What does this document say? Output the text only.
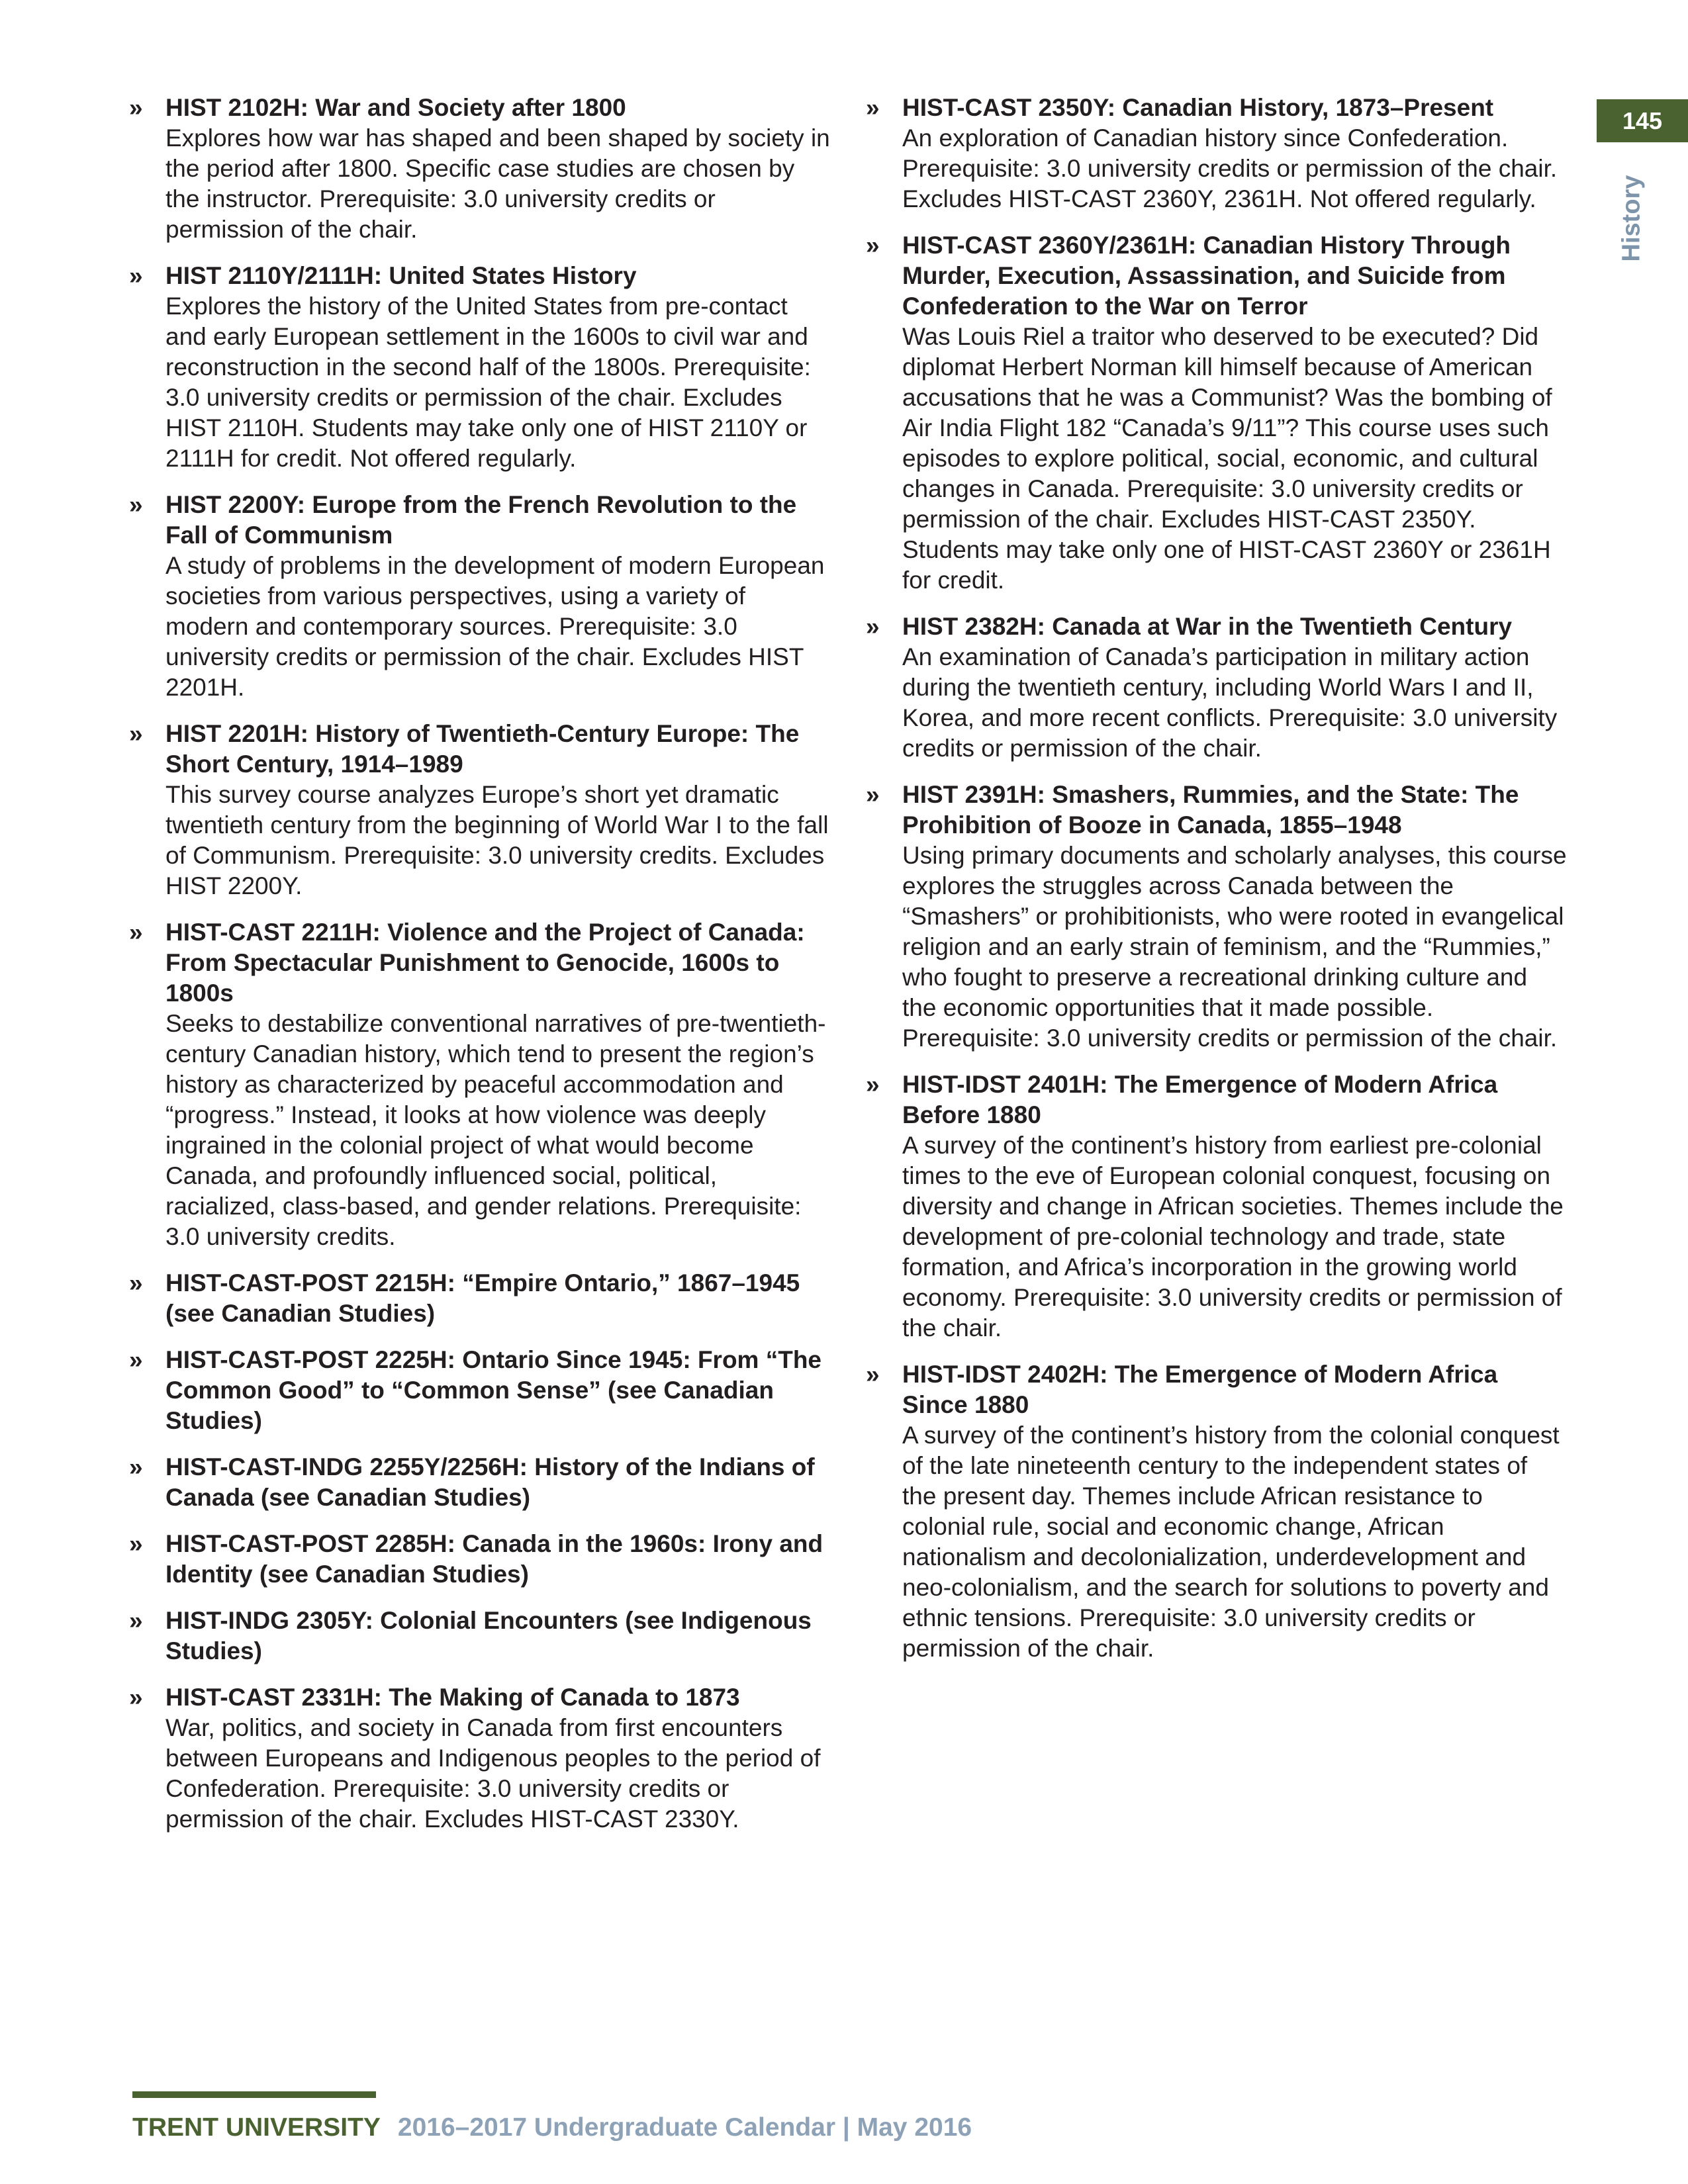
145
History
» HIST 2102H: War and Society after 1800
Explores how war has shaped and been shaped by society in the period after 1800. Specific case studies are chosen by the instructor. Prerequisite: 3.0 university credits or permission of the chair.
» HIST 2110Y/2111H: United States History
Explores the history of the United States from pre-contact and early European settlement in the 1600s to civil war and reconstruction in the second half of the 1800s. Prerequisite: 3.0 university credits or permission of the chair. Excludes HIST 2110H. Students may take only one of HIST 2110Y or 2111H for credit. Not offered regularly.
» HIST 2200Y: Europe from the French Revolution to the Fall of Communism
A study of problems in the development of modern European societies from various perspectives, using a variety of modern and contemporary sources. Prerequisite: 3.0 university credits or permission of the chair. Excludes HIST 2201H.
» HIST 2201H: History of Twentieth-Century Europe: The Short Century, 1914–1989
This survey course analyzes Europe’s short yet dramatic twentieth century from the beginning of World War I to the fall of Communism. Prerequisite: 3.0 university credits. Excludes HIST 2200Y.
» HIST-CAST 2211H: Violence and the Project of Canada: From Spectacular Punishment to Genocide, 1600s to 1800s
Seeks to destabilize conventional narratives of pre-twentieth-century Canadian history, which tend to present the region’s history as characterized by peaceful accommodation and “progress.” Instead, it looks at how violence was deeply ingrained in the colonial project of what would become Canada, and profoundly influenced social, political, racialized, class-based, and gender relations. Prerequisite: 3.0 university credits.
» HIST-CAST-POST 2215H: “Empire Ontario,” 1867–1945 (see Canadian Studies)
» HIST-CAST-POST 2225H: Ontario Since 1945: From “The Common Good” to “Common Sense” (see Canadian Studies)
» HIST-CAST-INDG 2255Y/2256H: History of the Indians of Canada (see Canadian Studies)
» HIST-CAST-POST 2285H: Canada in the 1960s: Irony and Identity (see Canadian Studies)
» HIST-INDG 2305Y: Colonial Encounters (see Indigenous Studies)
» HIST-CAST 2331H: The Making of Canada to 1873
War, politics, and society in Canada from first encounters between Europeans and Indigenous peoples to the period of Confederation. Prerequisite: 3.0 university credits or permission of the chair. Excludes HIST-CAST 2330Y.
» HIST-CAST 2350Y: Canadian History, 1873–Present
An exploration of Canadian history since Confederation. Prerequisite: 3.0 university credits or permission of the chair. Excludes HIST-CAST 2360Y, 2361H. Not offered regularly.
» HIST-CAST 2360Y/2361H: Canadian History Through Murder, Execution, Assassination, and Suicide from Confederation to the War on Terror
Was Louis Riel a traitor who deserved to be executed? Did diplomat Herbert Norman kill himself because of American accusations that he was a Communist? Was the bombing of Air India Flight 182 “Canada’s 9/11”? This course uses such episodes to explore political, social, economic, and cultural changes in Canada. Prerequisite: 3.0 university credits or permission of the chair. Excludes HIST-CAST 2350Y. Students may take only one of HIST-CAST 2360Y or 2361H for credit.
» HIST 2382H: Canada at War in the Twentieth Century
An examination of Canada’s participation in military action during the twentieth century, including World Wars I and II, Korea, and more recent conflicts. Prerequisite: 3.0 university credits or permission of the chair.
» HIST 2391H: Smashers, Rummies, and the State: The Prohibition of Booze in Canada, 1855–1948
Using primary documents and scholarly analyses, this course explores the struggles across Canada between the “Smashers” or prohibitionists, who were rooted in evangelical religion and an early strain of feminism, and the “Rummies,” who fought to preserve a recreational drinking culture and the economic opportunities that it made possible. Prerequisite: 3.0 university credits or permission of the chair.
» HIST-IDST 2401H: The Emergence of Modern Africa Before 1880
A survey of the continent’s history from earliest pre-colonial times to the eve of European colonial conquest, focusing on diversity and change in African societies. Themes include the development of pre-colonial technology and trade, state formation, and Africa’s incorporation in the growing world economy. Prerequisite: 3.0 university credits or permission of the chair.
» HIST-IDST 2402H: The Emergence of Modern Africa Since 1880
A survey of the continent’s history from the colonial conquest of the late nineteenth century to the independent states of the present day. Themes include African resistance to colonial rule, social and economic change, African nationalism and decolonialization, underdevelopment and neo-colonialism, and the search for solutions to poverty and ethnic tensions. Prerequisite: 3.0 university credits or permission of the chair.
TRENT UNIVERSITY 2016–2017 Undergraduate Calendar | May 2016
